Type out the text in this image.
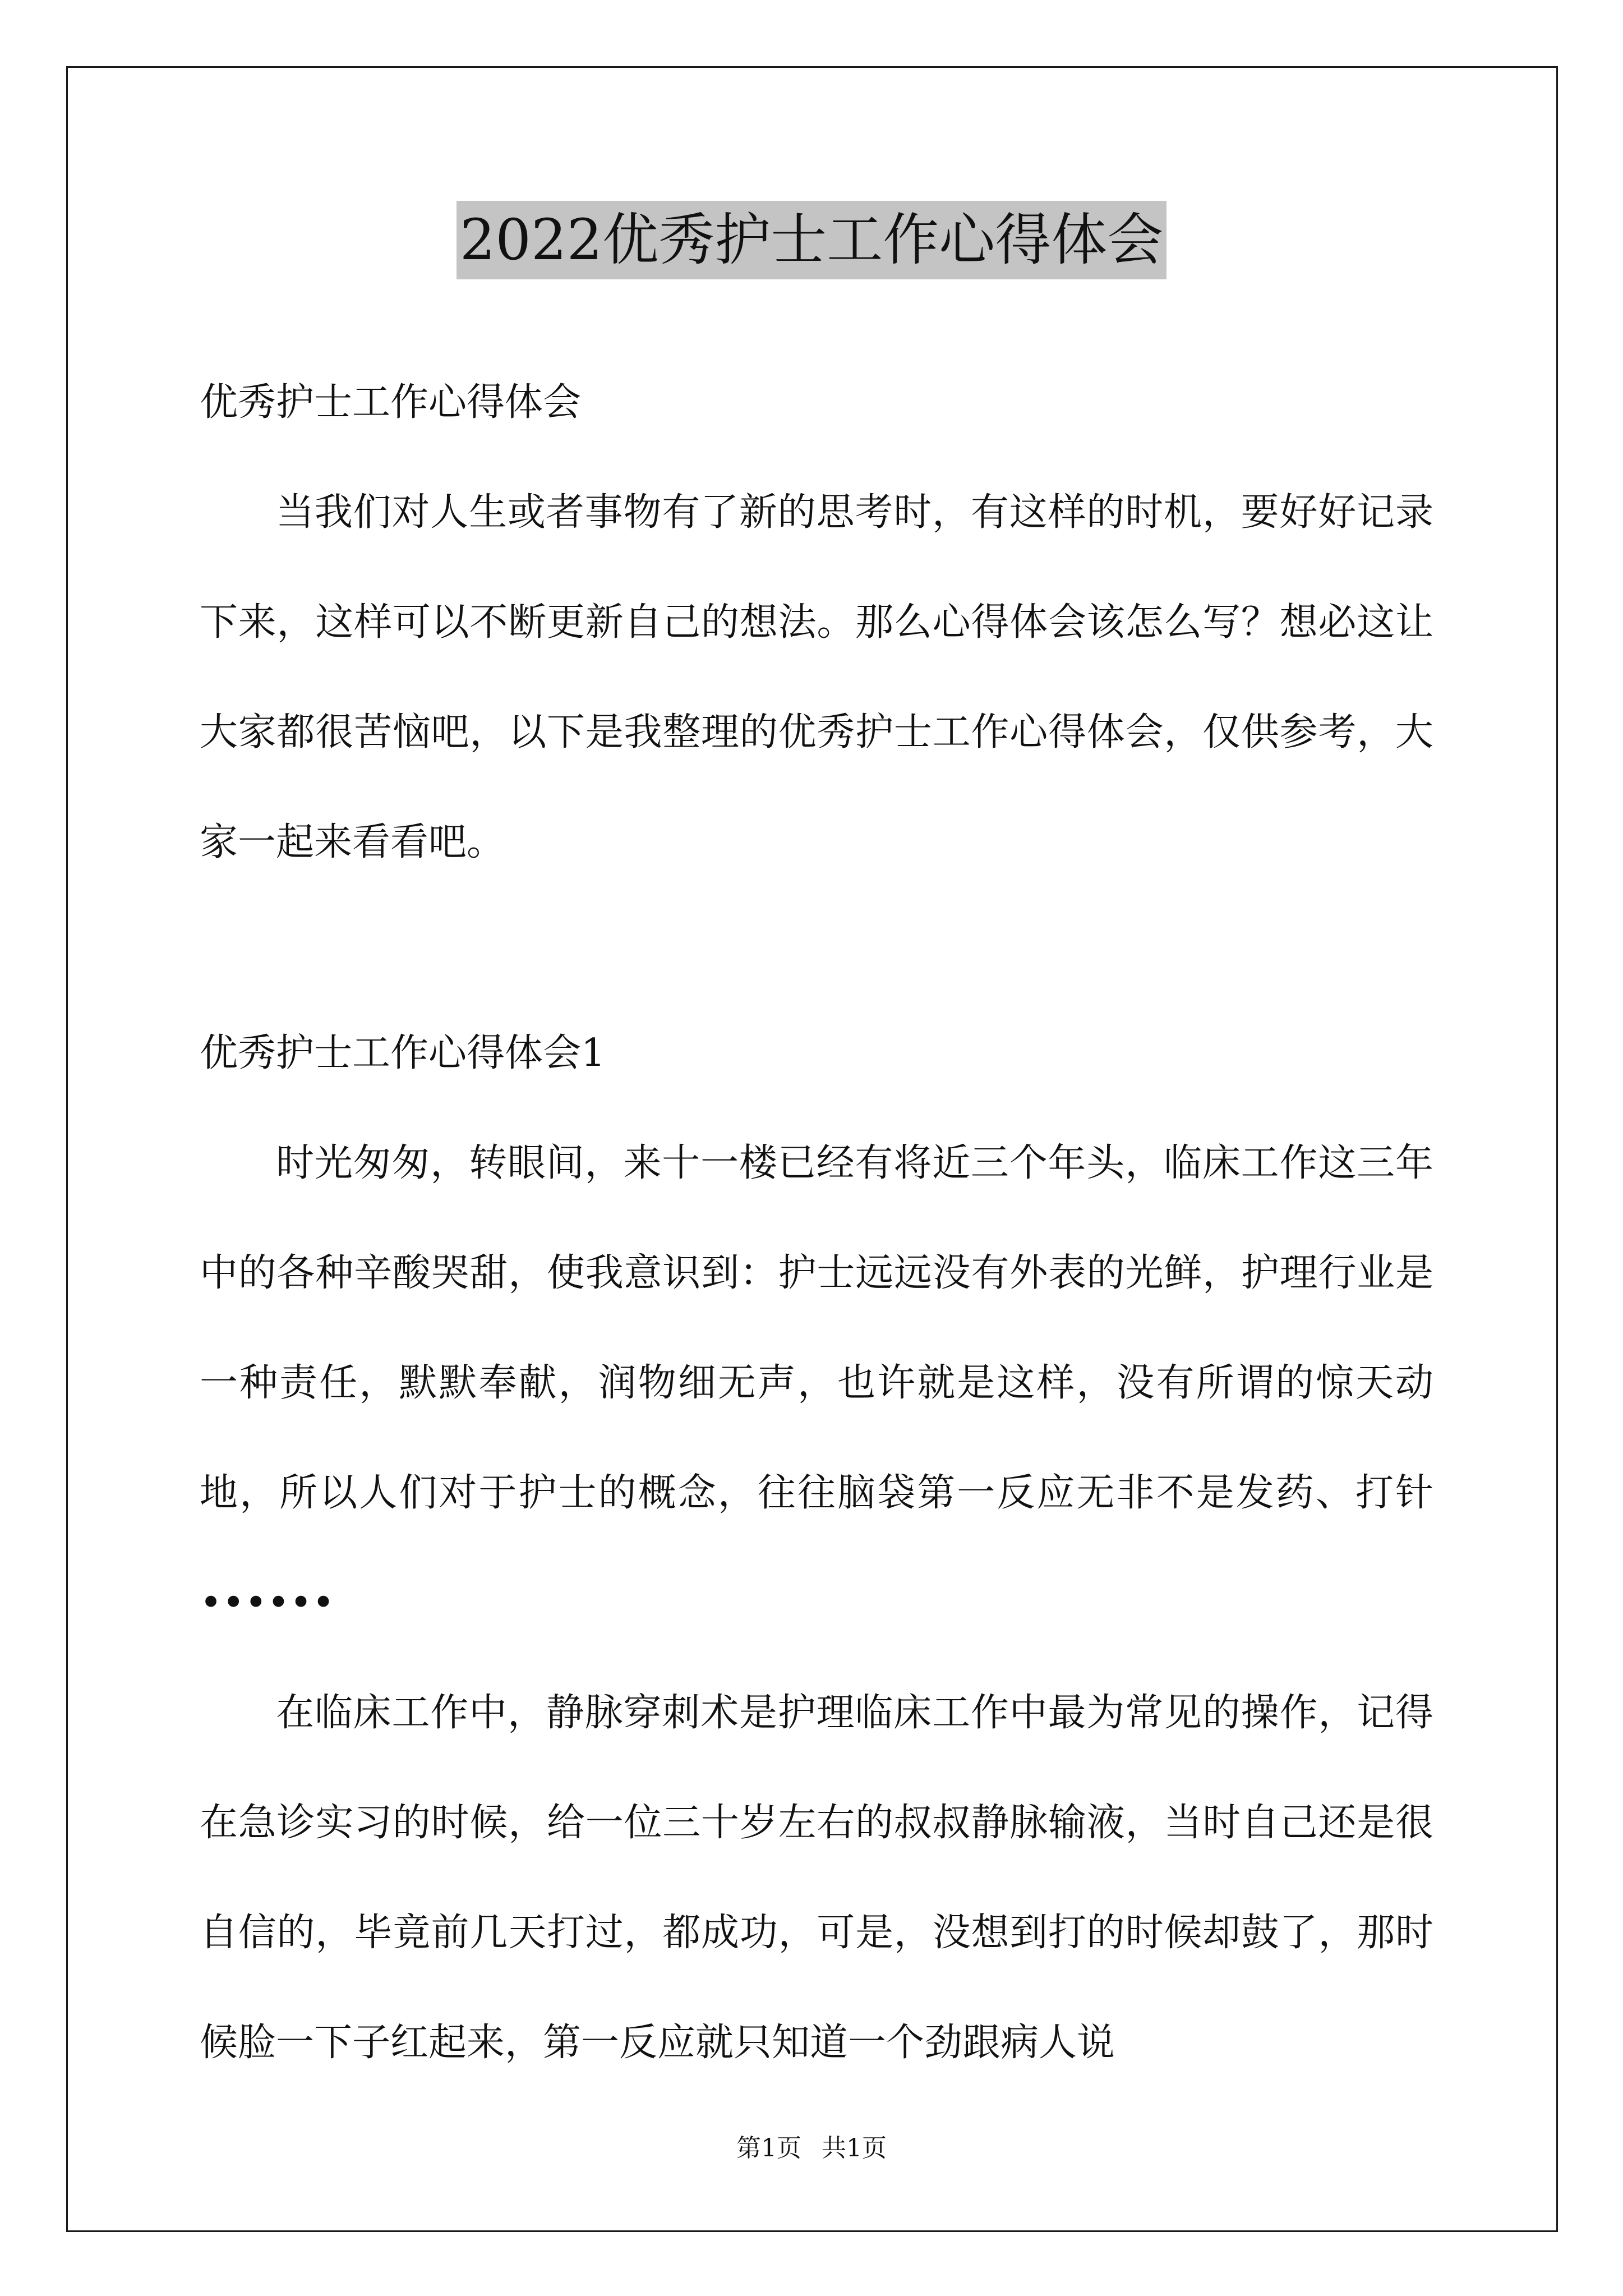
2022优秀护士工作心得体会
优秀护士工作心得体会

当我们对人生或者事物有了新的思考时，有这样的时机，要好好记录下来，这样可以不断更新自己的想法。那么心得体会该怎么写？想必这让大家都很苦恼吧，以下是我整理的优秀护士工作心得体会，仅供参考，大家一起来看看吧。

优秀护士工作心得体会1

时光匆匆，转眼间，来十一楼已经有将近三个年头，临床工作这三年中的各种辛酸哭甜，使我意识到：护士远远没有外表的光鲜，护理行业是一种责任，默默奉献，润物细无声，也许就是这样，没有所谓的惊天动地，所以人们对于护士的概念，往往脑袋第一反应无非不是发药、打针••••••

在临床工作中，静脉穿刺术是护理临床工作中最为常见的操作，记得在急诊实习的时候，给一位三十岁左右的叔叔静脉输液，当时自己还是很自信的，毕竟前几天打过，都成功，可是，没想到打的时候却鼓了，那时候脸一下子红起来，第一反应就只知道一个劲跟病人说

第1页 共1页
